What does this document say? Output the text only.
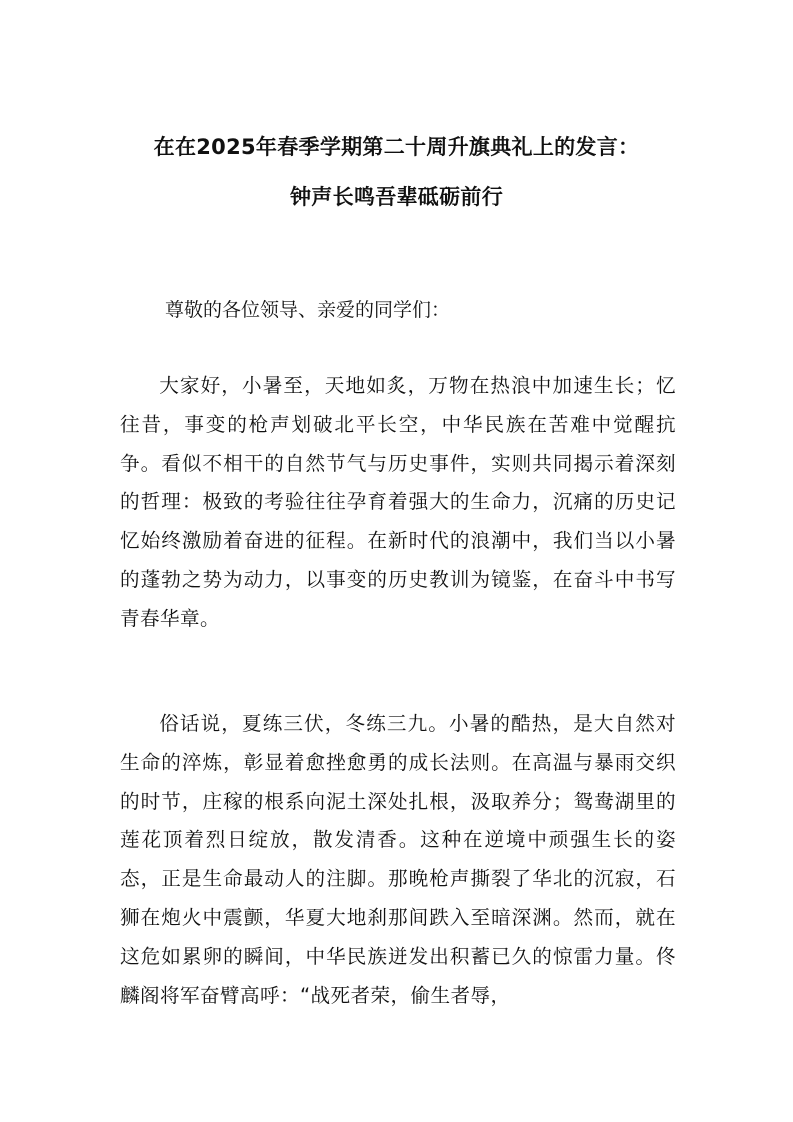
在在2025年春季学期第二十周升旗典礼上的发言：
钟声长鸣吾辈砥砺前行
尊敬的各位领导、亲爱的同学们：

大家好，小暑至，天地如炙，万物在热浪中加速生长；忆往昔，事变的枪声划破北平长空，中华民族在苦难中觉醒抗争。看似不相干的自然节气与历史事件，实则共同揭示着深刻的哲理：极致的考验往往孕育着强大的生命力，沉痛的历史记忆始终激励着奋进的征程。在新时代的浪潮中，我们当以小暑的蓬勃之势为动力，以事变的历史教训为镜鉴，在奋斗中书写青春华章。

俗话说，夏练三伏，冬练三九。小暑的酷热，是大自然对生命的淬炼，彰显着愈挫愈勇的成长法则。在高温与暴雨交织的时节，庄稼的根系向泥土深处扎根，汲取养分；鸳鸯湖里的莲花顶着烈日绽放，散发清香。这种在逆境中顽强生长的姿态，正是生命最动人的注脚。那晚枪声撕裂了华北的沉寂，石狮在炮火中震颤，华夏大地刹那间跌入至暗深渊。然而，就在这危如累卵的瞬间，中华民族迸发出积蓄已久的惊雷力量。佟麟阁将军奋臂高呼：“战死者荣，偷生者辱，
